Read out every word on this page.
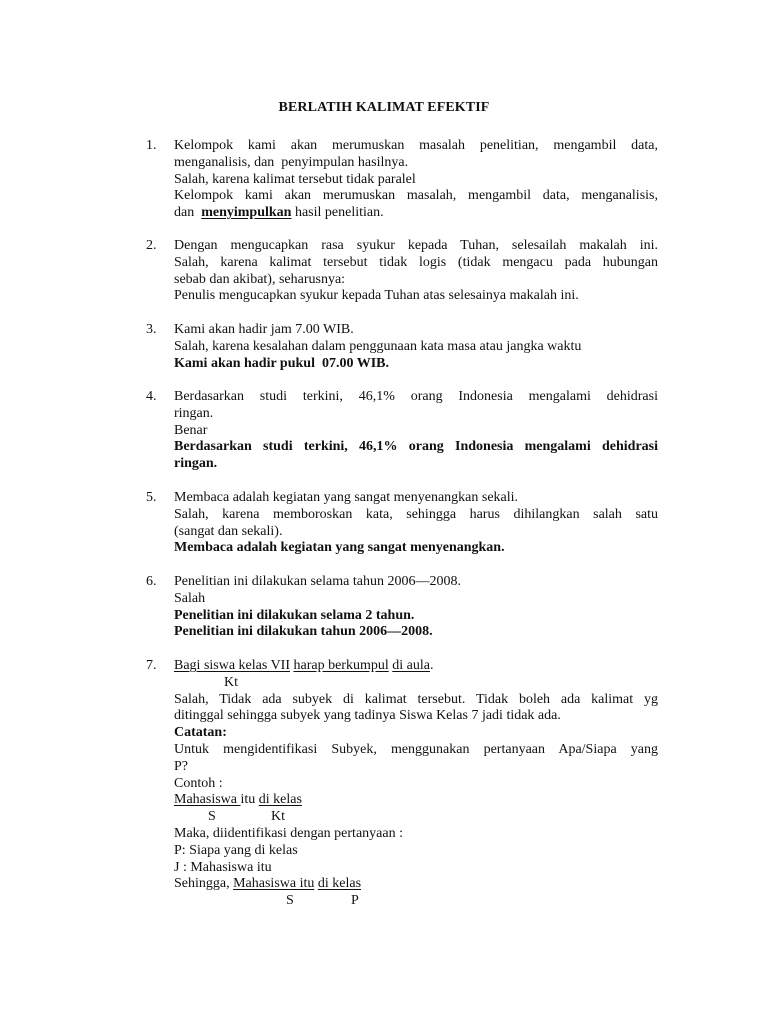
BERLATIH KALIMAT EFEKTIF
1. Kelompok kami akan merumuskan masalah penelitian, mengambil data,
menganalisis, dan  penyimpulan hasilnya.
Salah, karena kalimat tersebut tidak paralel
Kelompok kami akan merumuskan masalah, mengambil data, menganalisis,
dan  menyimpulkan hasil penelitian.
2. Dengan mengucapkan rasa syukur kepada Tuhan, selesailah makalah ini.
Salah, karena kalimat tersebut tidak logis (tidak mengacu pada hubungan
sebab dan akibat), seharusnya:
Penulis mengucapkan syukur kepada Tuhan atas selesainya makalah ini.
3. Kami akan hadir jam 7.00 WIB.
Salah, karena kesalahan dalam penggunaan kata masa atau jangka waktu
Kami akan hadir pukul  07.00 WIB.
4. Berdasarkan studi terkini, 46,1% orang Indonesia mengalami dehidrasi
ringan.
Benar
Berdasarkan studi terkini, 46,1% orang Indonesia mengalami dehidrasi
ringan.
5. Membaca adalah kegiatan yang sangat menyenangkan sekali.
Salah, karena memboroskan kata, sehingga harus dihilangkan salah satu
(sangat dan sekali).
Membaca adalah kegiatan yang sangat menyenangkan.
6. Penelitian ini dilakukan selama tahun 2006—2008.
Salah
Penelitian ini dilakukan selama 2 tahun.
Penelitian ini dilakukan tahun 2006—2008.
7. Bagi siswa kelas VII harap berkumpul di aula.
Kt
Salah, Tidak ada subyek di kalimat tersebut. Tidak boleh ada kalimat yg
ditinggal sehingga subyek yang tadinya Siswa Kelas 7 jadi tidak ada.
Catatan:
Untuk mengidentifikasi Subyek, menggunakan pertanyaan Apa/Siapa yang
P?
Contoh :
Mahasiswa itu di kelas
S	Kt
Maka, diidentifikasi dengan pertanyaan :
P: Siapa yang di kelas
J : Mahasiswa itu
Sehingga, Mahasiswa itu di kelas
S	P
